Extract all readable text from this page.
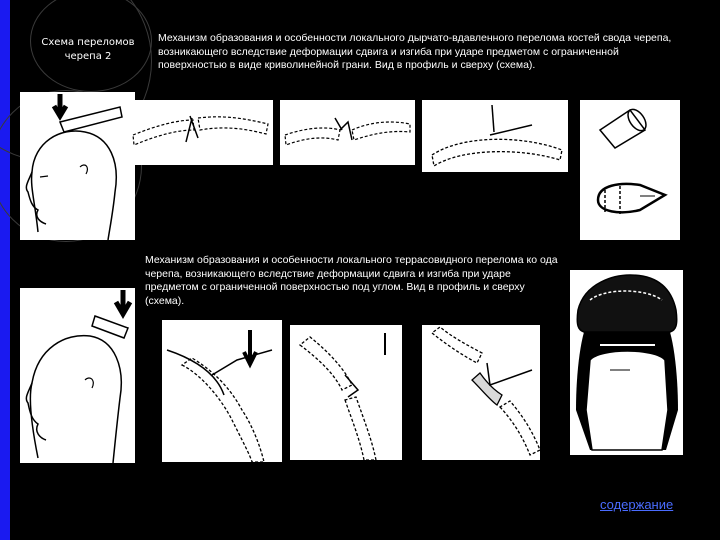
Схема переломов черепа 2
Механизм образования и особенности локального дырчато-вдавленного перелома костей свода черепа, возникающего вследствие деформации сдвига и изгиба при ударе предметом с ограниченной поверхностью в виде криволинейной грани. Вид в профиль и сверху (схема).
Механизм образования и особенности локального террасовидного перелома ко ода черепа, возникающего вследствие деформации сдвига и изгиба при ударе предметом с ограниченной поверхностью под углом. Вид в профиль и сверху (схема).
содержание
